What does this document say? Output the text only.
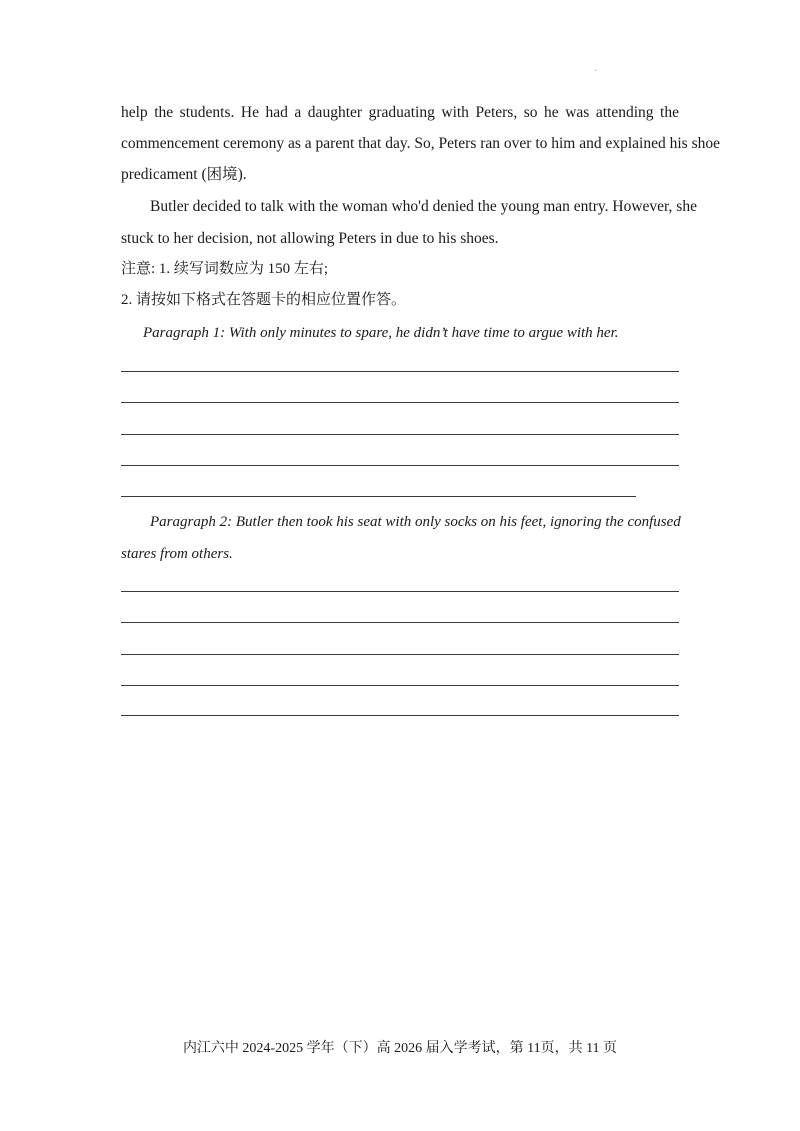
·
help the students. He had a daughter graduating with Peters, so he was attending the
commencement ceremony as a parent that day. So, Peters ran over to him and explained his shoe
predicament (困境).
Butler decided to talk with the woman who'd denied the young man entry. However, she
stuck to her decision, not allowing Peters in due to his shoes.
注意: 1. 续写词数应为 150 左右;
2. 请按如下格式在答题卡的相应位置作答。
Paragraph 1: With only minutes to spare, he didn’t have time to argue with her.
Paragraph 2: Butler then took his seat with only socks on his feet, ignoring the confused
stares from others.
内江六中 2024-2025 学年（下）高 2026 届入学考试，第 11页，共 11 页
